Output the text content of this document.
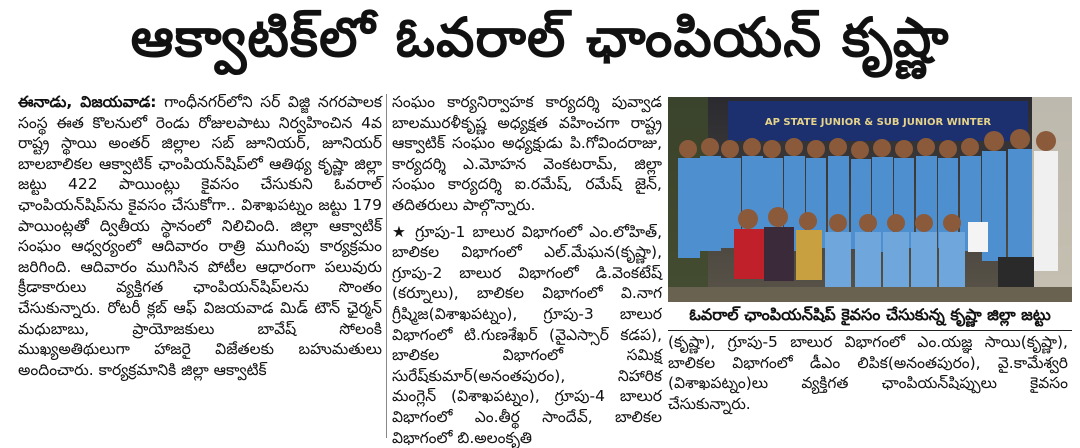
ఆక్వాటిక్‌లో ఓవరాల్‌ ఛాంపియన్‌ కృష్ణా

ఈనాడు, విజయవాడ: గాంధీనగర్‌లోని సర్‌ విజ్జి నగరపాలక సంస్థ ఈత కొలనులో రెండు రోజులపాటు నిర్వహించిన 4వ రాష్ట్ర స్థాయి అంతర్‌ జిల్లాల సబ్‌ జూనియర్‌, జూనియర్‌ బాలబాలికల ఆక్వాటిక్‌ ఛాంపియన్‌షిప్‌లో ఆతిథ్య కృష్ణా జిల్లా జట్టు 422 పాయింట్లు కైవసం చేసుకుని ఓవరాల్‌ ఛాంపియన్‌షిప్‌ను కైవసం చేసుకోగా.. విశాఖపట్నం జట్టు 179 పాయింట్లతో ద్వితీయ స్థానంలో నిలిచింది. జిల్లా ఆక్వాటిక్‌ సంఘం ఆధ్వర్యంలో ఆదివారం రాత్రి ముగింపు కార్యక్రమం జరిగింది. ఆదివారం ముగిసిన పోటీల ఆధారంగా పలువురు క్రీడాకారులు వ్యక్తిగత ఛాంపియన్‌షిప్‌లను సొంతం చేసుకున్నారు. రోటరీ క్లబ్‌ ఆఫ్‌ విజయవాడ మిడ్‌ టౌన్‌ ఛైర్మన్‌ మధుబాబు, ప్రాయోజకులు బావేష్‌ సోలంకి ముఖ్యఅతిథులుగా హాజరై విజేతలకు బహుమతులు అందించారు. కార్యక్రమానికి జిల్లా ఆక్వాటిక్‌

సంఘం కార్యనిర్వాహక కార్యదర్శి పువ్వాడ బాలమురళీకృష్ణ అధ్యక్షత వహించగా రాష్ట్ర ఆక్వాటిక్‌ సంఘం అధ్యక్షుడు పి.గోవిందరాజు, కార్యదర్శి ఎ.మోహన వెంకటరామ్‌, జిల్లా సంఘం కార్యదర్శి ఐ.రమేష్‌, రమేష్‌ జైన్‌, తదితరులు పాల్గొన్నారు.

★ గ్రూపు-1 బాలుర విభాగంలో ఎం.లోహిత్‌, బాలికల విభాగంలో ఎల్‌.మేఘన(కృష్ణా), గ్రూపు-2 బాలుర విభాగంలో డి.వెంకటేష్‌ (కర్నూలు), బాలికల విభాగంలో వి.నాగ గ్రీష్మిజ(విశాఖపట్నం), గ్రూపు-3 బాలుర విభాగంలో టి.గుణశేఖర్‌ (వైఎస్సార్‌ కడప), బాలికల విభాగంలో సమిక్ష సురేష్‌కుమార్‌(అనంతపురం), నిహారిక మంగ్లెన్‌ (విశాఖపట్నం), గ్రూపు-4 బాలుర విభాగంలో ఎం.తీర్థ సాందేవ్‌, బాలికల విభాగంలో బి.అలంకృతి

AP STATE JUNIOR & SUB JUNIOR WINTER
ఓవరాల్‌ ఛాంపియన్‌షిప్‌ కైవసం చేసుకున్న కృష్ణా జిల్లా జట్టు

(కృష్ణా), గ్రూపు-5 బాలుర విభాగంలో ఎం.యజ్ఞ సాయి(కృష్ణా), బాలికల విభాగంలో డీఎం లిపిక(అనంతపురం), వై.కామేశ్వరి (విశాఖపట్నం)లు వ్యక్తిగత ఛాంపియన్‌షిప్పులు కైవసం చేసుకున్నారు.
